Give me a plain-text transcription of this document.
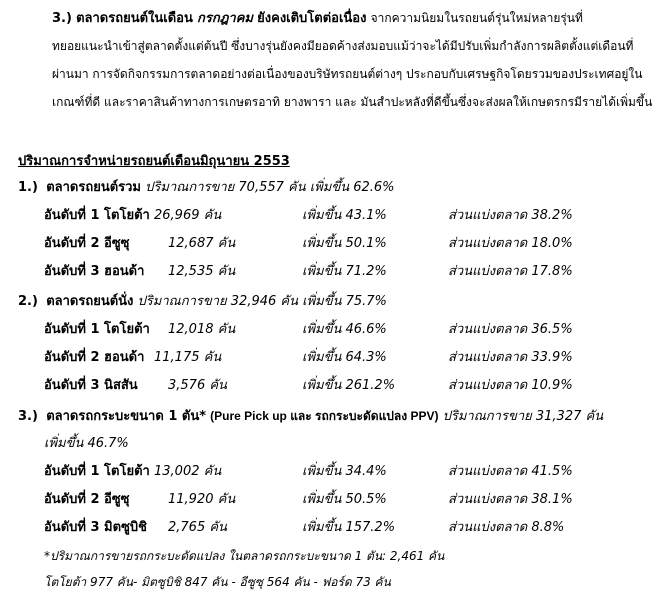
3.) ตลาดรถยนต์ในเดือน กรกฎาคม ยังคงเติบโตต่อเนื่อง จากความนิยมในรถยนต์รุ่นใหม่หลายรุ่นที่
ทยอยแนะนำเข้าสู่ตลาดตั้งแต่ต้นปี ซึ่งบางรุ่นยังคงมียอดค้างส่งมอบแม้ว่าจะได้มีปรับเพิ่มกำลังการผลิตตั้งแต่เดือนที่
ผ่านมา การจัดกิจกรรมการตลาดอย่างต่อเนื่องของบริษัทรถยนต์ต่างๆ ประกอบกับเศรษฐกิจโดยรวมของประเทศอยู่ใน
เกณฑ์ที่ดี และราคาสินค้าทางการเกษตรอาทิ ยางพารา และ มันสำปะหลังที่ดีขึ้นซึ่งจะส่งผลให้เกษตรกรมีรายได้เพิ่มขึ้น
ปริมาณการจำหน่ายรถยนต์เดือนมิถุนายน 2553
1.) ตลาดรถยนต์รวม ปริมาณการขาย 70,557 คัน เพิ่มขึ้น 62.6%
อันดับที่ 1 โตโยต้า 26,969 คัน	เพิ่มขึ้น 43.1%	ส่วนแบ่งตลาด 38.2%
อันดับที่ 2 อีซูซุ	12,687 คัน	เพิ่มขึ้น 50.1%	ส่วนแบ่งตลาด 18.0%
อันดับที่ 3 ฮอนด้า 12,535 คัน	เพิ่มขึ้น 71.2%	ส่วนแบ่งตลาด 17.8%
2.) ตลาดรถยนต์นั่ง ปริมาณการขาย 32,946 คัน เพิ่มขึ้น 75.7%
อันดับที่ 1 โตโยต้า 12,018 คัน	เพิ่มขึ้น 46.6%	ส่วนแบ่งตลาด 36.5%
อันดับที่ 2 ฮอนด้า 11,175 คัน	เพิ่มขึ้น 64.3%	ส่วนแบ่งตลาด 33.9%
อันดับที่ 3 นิสสัน 3,576 คัน	เพิ่มขึ้น 261.2%	ส่วนแบ่งตลาด 10.9%
3.) ตลาดรถกระบะขนาด 1 ตัน* (Pure Pick up และ รถกระบะดัดแปลง PPV) ปริมาณการขาย 31,327 คัน
เพิ่มขึ้น 46.7%
อันดับที่ 1 โตโยต้า 13,002 คัน	เพิ่มขึ้น 34.4%	ส่วนแบ่งตลาด 41.5%
อันดับที่ 2 อีซูซุ	11,920 คัน	เพิ่มขึ้น 50.5%	ส่วนแบ่งตลาด 38.1%
อันดับที่ 3 มิตซูบิชิ 2,765 คัน	เพิ่มขึ้น 157.2%	ส่วนแบ่งตลาด 8.8%
*ปริมาณการขายรถกระบะดัดแปลง ในตลาดรถกระบะขนาด 1 ตัน: 2,461 คัน
โตโยต้า 977 คัน- มิตซูบิชิ 847 คัน - อีซูซุ 564 คัน - ฟอร์ด 73 คัน
